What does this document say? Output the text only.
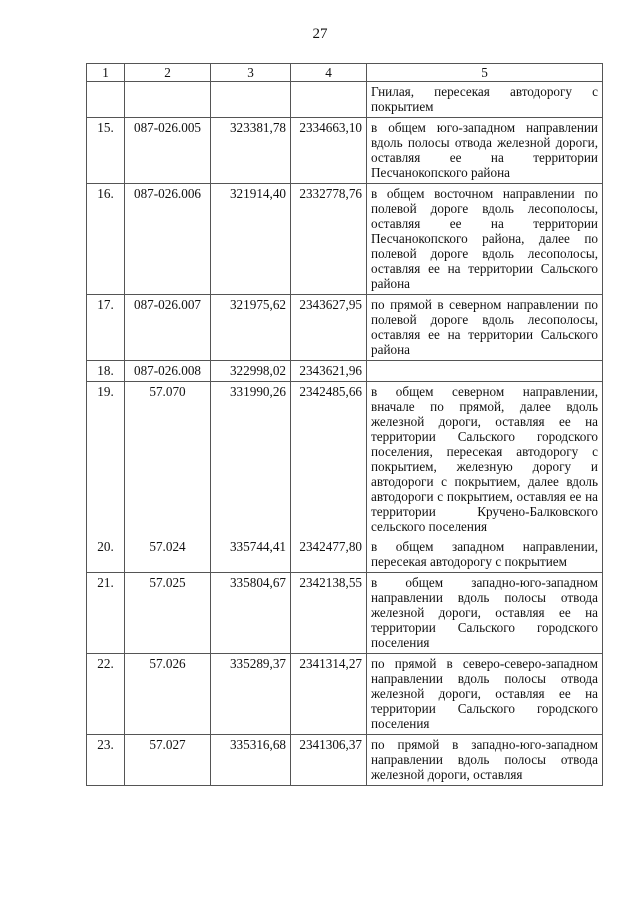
27
1	2	3	4	5
				Гнилая, пересекая автодорогу с покрытием
15.	087-026.005	323381,78	2334663,10	в общем юго-западном направлении вдоль полосы отвода железной дороги, оставляя ее на территории Песчанокопского района
16.	087-026.006	321914,40	2332778,76	в общем восточном направлении по полевой дороге вдоль лесополосы, оставляя ее на территории Песчанокопского района, далее по полевой дороге вдоль лесополосы, оставляя ее на территории Сальского района
17.	087-026.007	321975,62	2343627,95	по прямой в северном направлении по полевой дороге вдоль лесополосы, оставляя ее на территории Сальского района
18.	087-026.008	322998,02	2343621,96	
19.	57.070	331990,26	2342485,66	в общем северном направлении, вначале по прямой, далее вдоль железной дороги, оставляя ее на территории Сальского городского поселения, пересекая автодорогу с покрытием, железную дорогу и автодороги с покрытием, далее вдоль автодороги с покрытием, оставляя ее на территории Кручено-Балковского сельского поселения
20.	57.024	335744,41	2342477,80	в общем западном направлении, пересекая автодорогу с покрытием
21.	57.025	335804,67	2342138,55	в общем западно-юго-западном направлении вдоль полосы отвода железной дороги, оставляя ее на территории Сальского городского поселения
22.	57.026	335289,37	2341314,27	по прямой в северо-северо-западном направлении вдоль полосы отвода железной дороги, оставляя ее на территории Сальского городского поселения
23.	57.027	335316,68	2341306,37	по прямой в западно-юго-западном направлении вдоль полосы отвода железной дороги, оставляя
